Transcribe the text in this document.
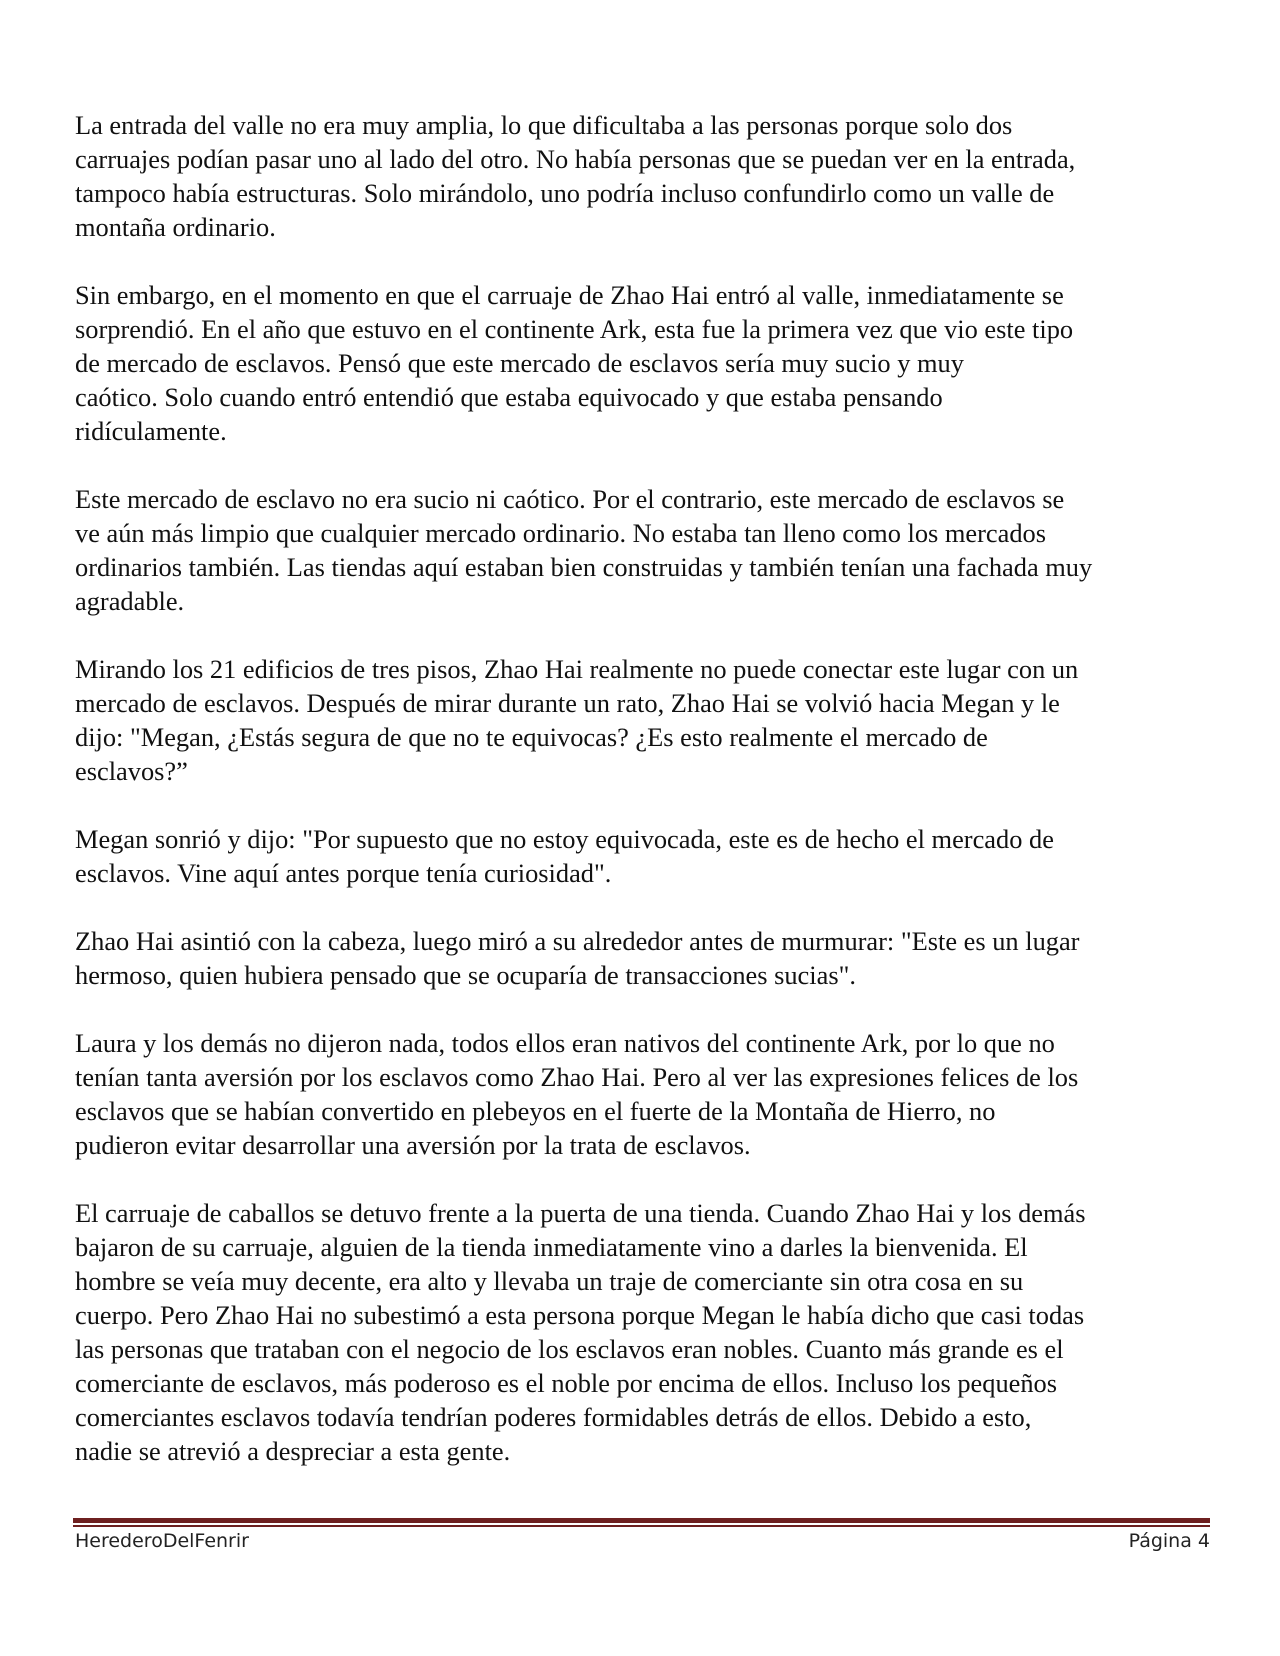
La entrada del valle no era muy amplia, lo que dificultaba a las personas porque solo dos
carruajes podían pasar uno al lado del otro. No había personas que se puedan ver en la entrada,
tampoco había estructuras. Solo mirándolo, uno podría incluso confundirlo como un valle de
montaña ordinario.

Sin embargo, en el momento en que el carruaje de Zhao Hai entró al valle, inmediatamente se
sorprendió. En el año que estuvo en el continente Ark, esta fue la primera vez que vio este tipo
de mercado de esclavos. Pensó que este mercado de esclavos sería muy sucio y muy
caótico. Solo cuando entró entendió que estaba equivocado y que estaba pensando
ridículamente.

Este mercado de esclavo no era sucio ni caótico. Por el contrario, este mercado de esclavos se
ve aún más limpio que cualquier mercado ordinario. No estaba tan lleno como los mercados
ordinarios también. Las tiendas aquí estaban bien construidas y también tenían una fachada muy
agradable.

Mirando los 21 edificios de tres pisos, Zhao Hai realmente no puede conectar este lugar con un
mercado de esclavos. Después de mirar durante un rato, Zhao Hai se volvió hacia Megan y le
dijo: "Megan, ¿Estás segura de que no te equivocas? ¿Es esto realmente el mercado de
esclavos?”

Megan sonrió y dijo: "Por supuesto que no estoy equivocada, este es de hecho el mercado de
esclavos. Vine aquí antes porque tenía curiosidad".

Zhao Hai asintió con la cabeza, luego miró a su alrededor antes de murmurar: "Este es un lugar
hermoso, quien hubiera pensado que se ocuparía de transacciones sucias".

Laura y los demás no dijeron nada, todos ellos eran nativos del continente Ark, por lo que no
tenían tanta aversión por los esclavos como Zhao Hai. Pero al ver las expresiones felices de los
esclavos que se habían convertido en plebeyos en el fuerte de la Montaña de Hierro, no
pudieron evitar desarrollar una aversión por la trata de esclavos.

El carruaje de caballos se detuvo frente a la puerta de una tienda. Cuando Zhao Hai y los demás
bajaron de su carruaje, alguien de la tienda inmediatamente vino a darles la bienvenida. El
hombre se veía muy decente, era alto y llevaba un traje de comerciante sin otra cosa en su
cuerpo. Pero Zhao Hai no subestimó a esta persona porque Megan le había dicho que casi todas
las personas que trataban con el negocio de los esclavos eran nobles. Cuanto más grande es el
comerciante de esclavos, más poderoso es el noble por encima de ellos. Incluso los pequeños
comerciantes esclavos todavía tendrían poderes formidables detrás de ellos. Debido a esto,
nadie se atrevió a despreciar a esta gente.

HerederoDelFenrir	Página 4
